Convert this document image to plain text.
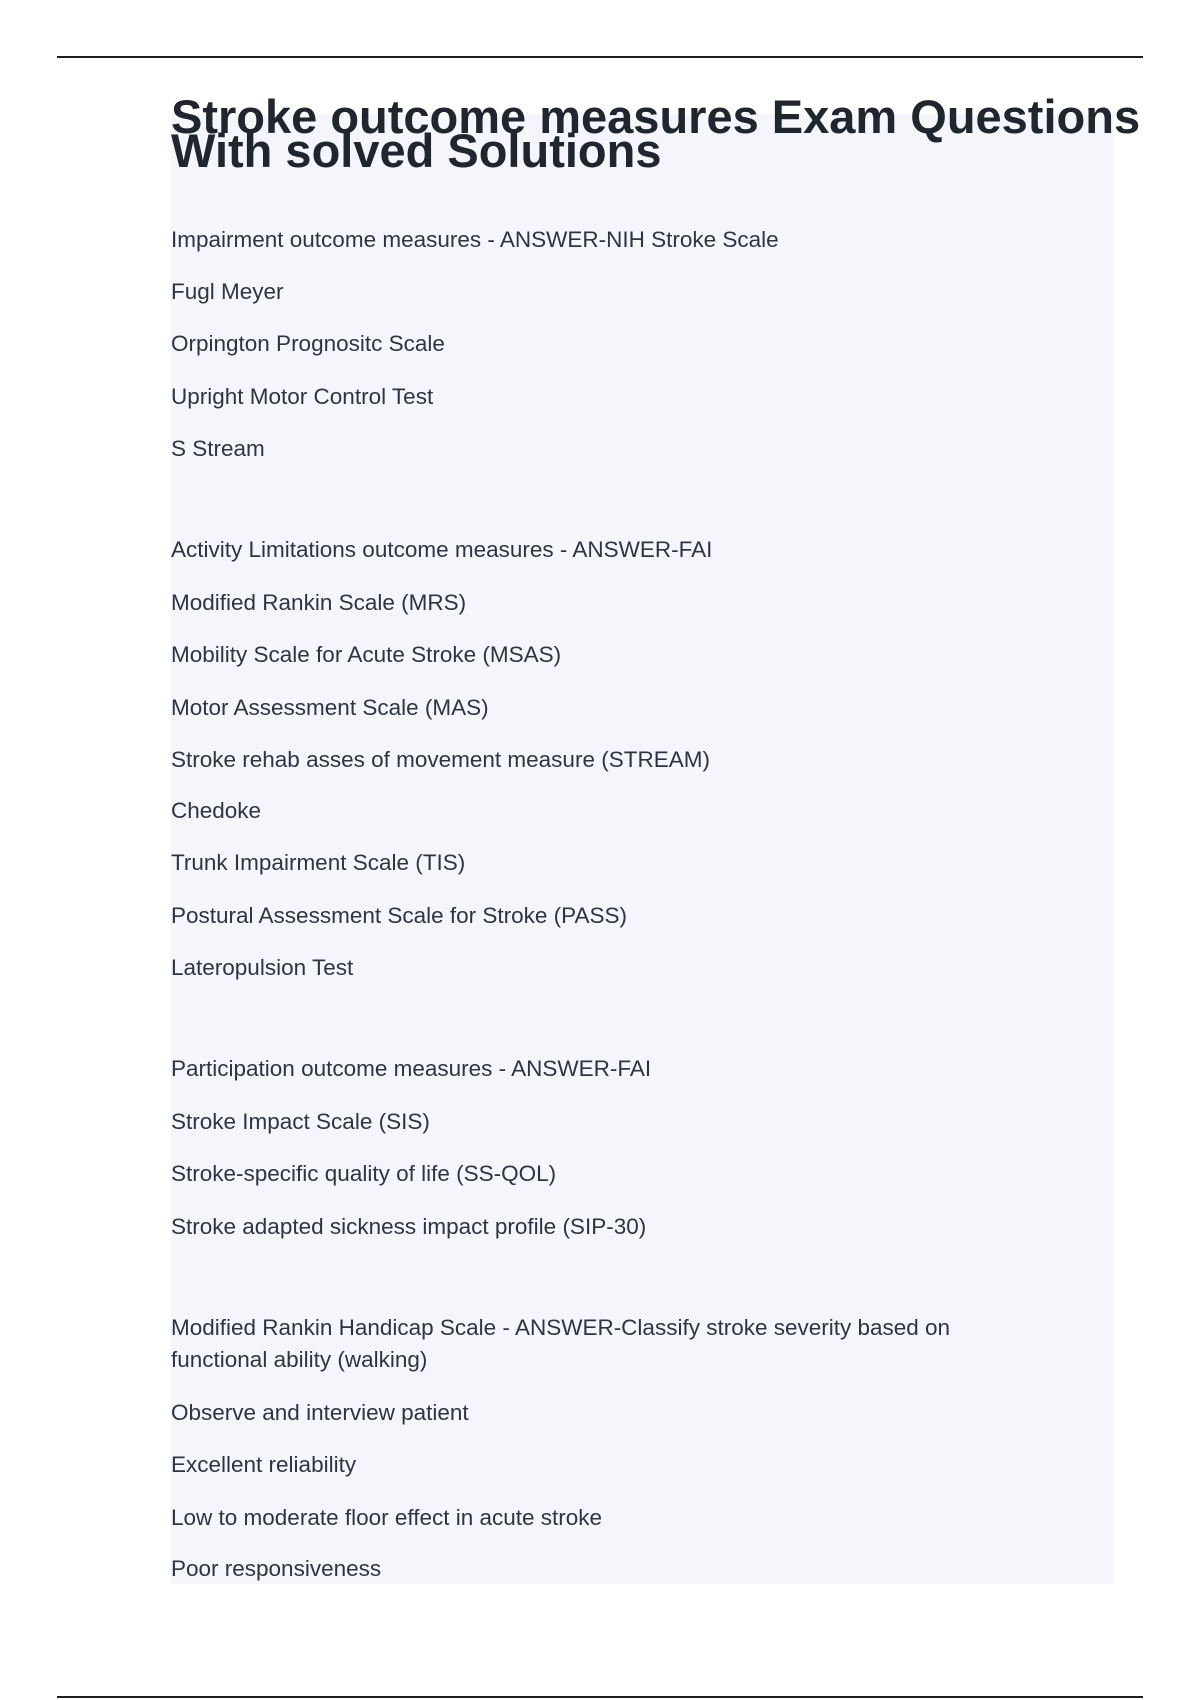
Stroke outcome measures Exam Questions With solved Solutions
Impairment outcome measures - ANSWER-NIH Stroke Scale
Fugl Meyer
Orpington Prognositc Scale
Upright Motor Control Test
S Stream
Activity Limitations outcome measures - ANSWER-FAI
Modified Rankin Scale (MRS)
Mobility Scale for Acute Stroke (MSAS)
Motor Assessment Scale (MAS)
Stroke rehab asses of movement measure (STREAM)
Chedoke
Trunk Impairment Scale (TIS)
Postural Assessment Scale for Stroke (PASS)
Lateropulsion Test
Participation outcome measures - ANSWER-FAI
Stroke Impact Scale (SIS)
Stroke-specific quality of life (SS-QOL)
Stroke adapted sickness impact profile (SIP-30)
Modified Rankin Handicap Scale - ANSWER-Classify stroke severity based on functional ability (walking)
Observe and interview patient
Excellent reliability
Low to moderate floor effect in acute stroke
Poor responsiveness
